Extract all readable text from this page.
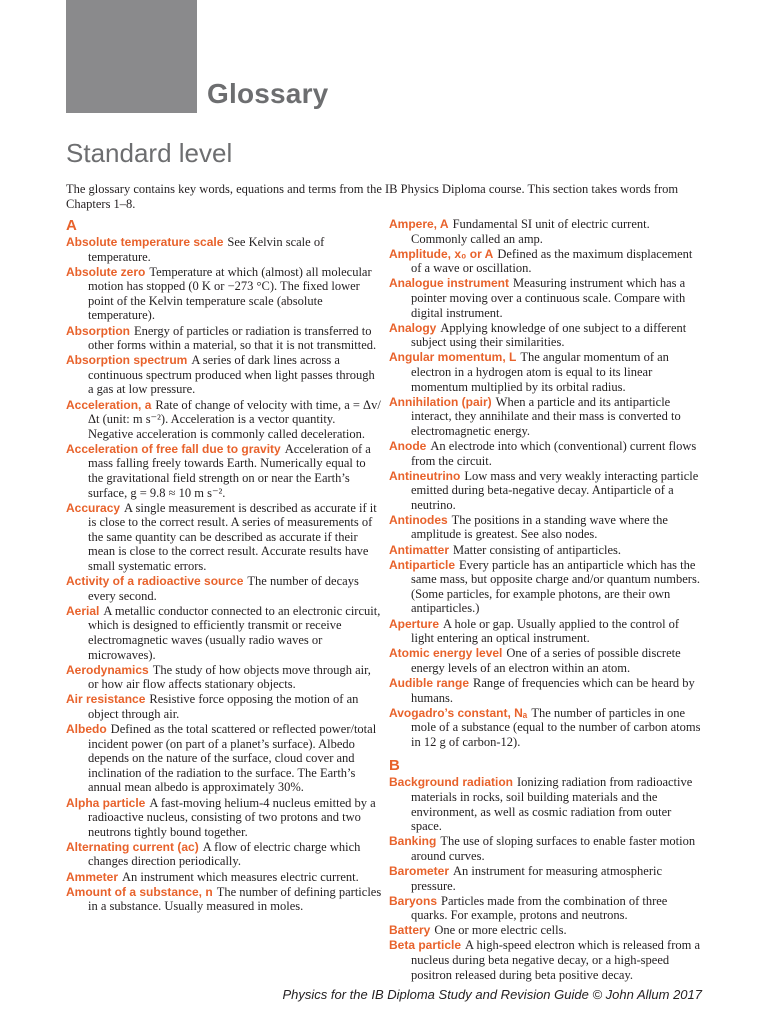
Glossary
Standard level

The glossary contains key words, equations and terms from the IB Physics Diploma course. This section takes words from Chapters 1–8.

A

Absolute temperature scale See Kelvin scale of temperature.

Absolute zero Temperature at which (almost) all molecular motion has stopped (0 K or −273 °C). The fixed lower point of the Kelvin temperature scale (absolute temperature).

Absorption Energy of particles or radiation is transferred to other forms within a material, so that it is not transmitted.

Absorption spectrum A series of dark lines across a continuous spectrum produced when light passes through a gas at low pressure.

Acceleration, a Rate of change of velocity with time, a = Δv/Δt (unit: m s⁻²). Acceleration is a vector quantity. Negative acceleration is commonly called deceleration.

Acceleration of free fall due to gravity Acceleration of a mass falling freely towards Earth. Numerically equal to the gravitational field strength on or near the Earth’s surface, g = 9.8 ≈ 10 m s⁻².

Accuracy A single measurement is described as accurate if it is close to the correct result. A series of measurements of the same quantity can be described as accurate if their mean is close to the correct result. Accurate results have small systematic errors.

Activity of a radioactive source The number of decays every second.

Aerial A metallic conductor connected to an electronic circuit, which is designed to efficiently transmit or receive electromagnetic waves (usually radio waves or microwaves).

Aerodynamics The study of how objects move through air, or how air flow affects stationary objects.

Air resistance Resistive force opposing the motion of an object through air.

Albedo Defined as the total scattered or reflected power/total incident power (on part of a planet’s surface). Albedo depends on the nature of the surface, cloud cover and inclination of the radiation to the surface. The Earth’s annual mean albedo is approximately 30%.

Alpha particle A fast-moving helium-4 nucleus emitted by a radioactive nucleus, consisting of two protons and two neutrons tightly bound together.

Alternating current (ac) A flow of electric charge which changes direction periodically.

Ammeter An instrument which measures electric current.

Amount of a substance, n The number of defining particles in a substance. Usually measured in moles.

Ampere, A Fundamental SI unit of electric current. Commonly called an amp.

Amplitude, x₀ or A Defined as the maximum displacement of a wave or oscillation.

Analogue instrument Measuring instrument which has a pointer moving over a continuous scale. Compare with digital instrument.

Analogy Applying knowledge of one subject to a different subject using their similarities.

Angular momentum, L The angular momentum of an electron in a hydrogen atom is equal to its linear momentum multiplied by its orbital radius.

Annihilation (pair) When a particle and its antiparticle interact, they annihilate and their mass is converted to electromagnetic energy.

Anode An electrode into which (conventional) current flows from the circuit.

Antineutrino Low mass and very weakly interacting particle emitted during beta-negative decay. Antiparticle of a neutrino.

Antinodes The positions in a standing wave where the amplitude is greatest. See also nodes.

Antimatter Matter consisting of antiparticles.

Antiparticle Every particle has an antiparticle which has the same mass, but opposite charge and/or quantum numbers. (Some particles, for example photons, are their own antiparticles.)

Aperture A hole or gap. Usually applied to the control of light entering an optical instrument.

Atomic energy level One of a series of possible discrete energy levels of an electron within an atom.

Audible range Range of frequencies which can be heard by humans.

Avogadro’s constant, Nₐ The number of particles in one mole of a substance (equal to the number of carbon atoms in 12 g of carbon-12).

B

Background radiation Ionizing radiation from radioactive materials in rocks, soil building materials and the environment, as well as cosmic radiation from outer space.

Banking The use of sloping surfaces to enable faster motion around curves.

Barometer An instrument for measuring atmospheric pressure.

Baryons Particles made from the combination of three quarks. For example, protons and neutrons.

Battery One or more electric cells.

Beta particle A high-speed electron which is released from a nucleus during beta negative decay, or a high-speed positron released during beta positive decay.

Physics for the IB Diploma Study and Revision Guide © John Allum 2017
